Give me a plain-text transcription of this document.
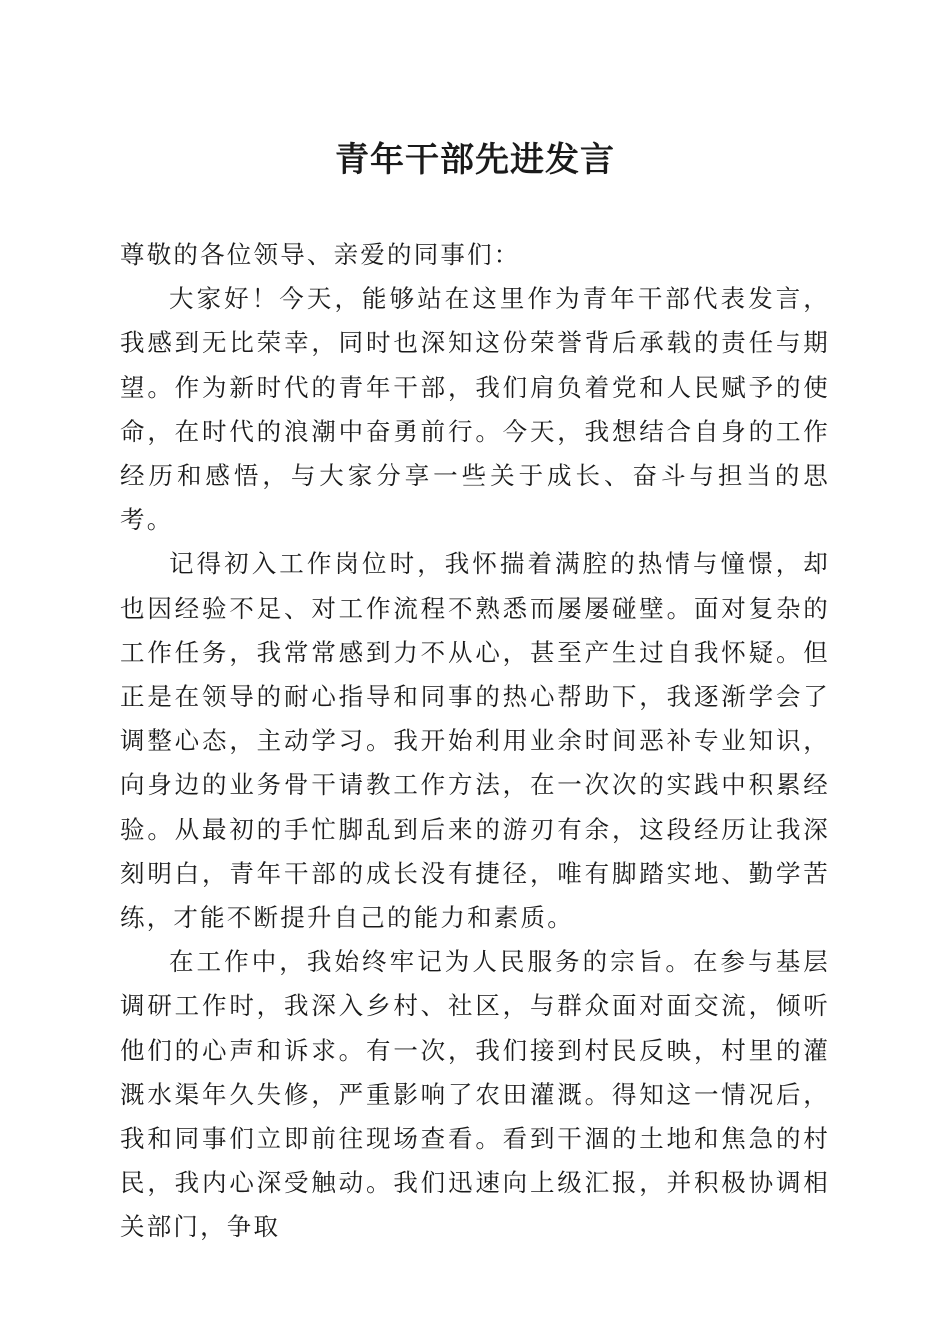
青年干部先进发言

尊敬的各位领导、亲爱的同事们：

大家好！今天，能够站在这里作为青年干部代表发言，我感到无比荣幸，同时也深知这份荣誉背后承载的责任与期望。作为新时代的青年干部，我们肩负着党和人民赋予的使命，在时代的浪潮中奋勇前行。今天，我想结合自身的工作经历和感悟，与大家分享一些关于成长、奋斗与担当的思考。

记得初入工作岗位时，我怀揣着满腔的热情与憧憬，却也因经验不足、对工作流程不熟悉而屡屡碰壁。面对复杂的工作任务，我常常感到力不从心，甚至产生过自我怀疑。但正是在领导的耐心指导和同事的热心帮助下，我逐渐学会了调整心态，主动学习。我开始利用业余时间恶补专业知识，向身边的业务骨干请教工作方法，在一次次的实践中积累经验。从最初的手忙脚乱到后来的游刃有余，这段经历让我深刻明白，青年干部的成长没有捷径，唯有脚踏实地、勤学苦练，才能不断提升自己的能力和素质。

在工作中，我始终牢记为人民服务的宗旨。在参与基层调研工作时，我深入乡村、社区，与群众面对面交流，倾听他们的心声和诉求。有一次，我们接到村民反映，村里的灌溉水渠年久失修，严重影响了农田灌溉。得知这一情况后，我和同事们立即前往现场查看。看到干涸的土地和焦急的村民，我内心深受触动。我们迅速向上级汇报，并积极协调相关部门，争取
